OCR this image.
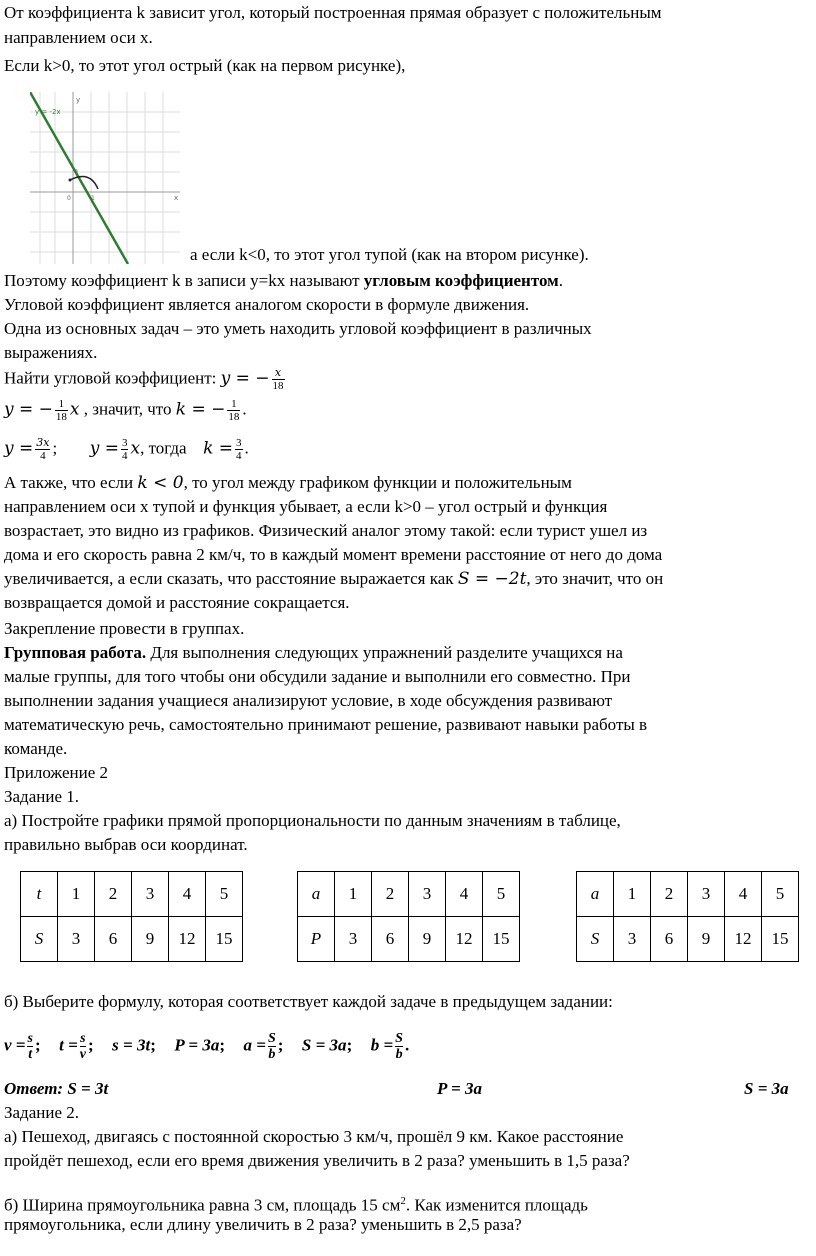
От коэффициента k зависит угол, который построенная прямая образует с положительным
направлением оси x.
Если k>0, то этот угол острый (как на первом рисунке),
y = -2x
y
x
0	1
1
а если k<0, то этот угол тупой (как на втором рисунке).
Поэтому коэффициент k в записи y=kx называют угловым коэффициентом.
Угловой коэффициент является аналогом скорости в формуле движения.
Одна из основных задач – это уметь находить угловой коэффициент в различных
выражениях.
Найти угловой коэффициент: y = − $\frac{x}{18}$
y = − $\frac{1}{18}$ x , значит, что k = − $\frac{1}{18}$ .
$y = \frac{3x}{4}$ ; $y = \frac{3}{4} x$, тогда $k = \frac{3}{4}$ .
А также, что если k < 0, то угол между графиком функции и положительным
направлением оси x тупой и функция убывает, а если k>0 – угол острый и функция
возрастает, это видно из графиков. Физический аналог этому такой: если турист ушел из
дома и его скорость равна 2 км/ч, то в каждый момент времени расстояние от него до дома
увеличивается, а если сказать, что расстояние выражается как S = −2t, это значит, что он
возвращается домой и расстояние сокращается.
Закрепление провести в группах.
Групповая работа. Для выполнения следующих упражнений разделите учащихся на
малые группы, для того чтобы они обсудили задание и выполнили его совместно. При
выполнении задания учащиеся анализируют условие, в ходе обсуждения развивают
математическую речь, самостоятельно принимают решение, развивают навыки работы в
команде.
Приложение 2
Задание 1.
а) Постройте графики прямой пропорциональности по данным значениям в таблице,
правильно выбрав оси координат.
t	1	2	3	4	5
S	3	6	9	12	15
a	1	2	3	4	5
P	3	6	9	12	15
a	1	2	3	4	5
S	3	6	9	12	15
б) Выберите формулу, которая соответствует каждой задаче в предыдущем задании:
$v = \frac{s}{t}$ ; $t = \frac{s}{v}$ ; s = 3t; P = 3a; $a = \frac{S}{b}$ ; S = 3a; $b = \frac{S}{b}$ .
Ответ: S = 3t	P = 3a	S = 3a
Задание 2.
а) Пешеход, двигаясь с постоянной скоростью 3 км/ч, прошёл 9 км. Какое расстояние
пройдёт пешеход, если его время движения увеличить в 2 раза? уменьшить в 1,5 раза?
б) Ширина прямоугольника равна 3 см, площадь 15 $см^2$. Как изменится площадь
прямоугольника, если длину увеличить в 2 раза? уменьшить в 2,5 раза?
